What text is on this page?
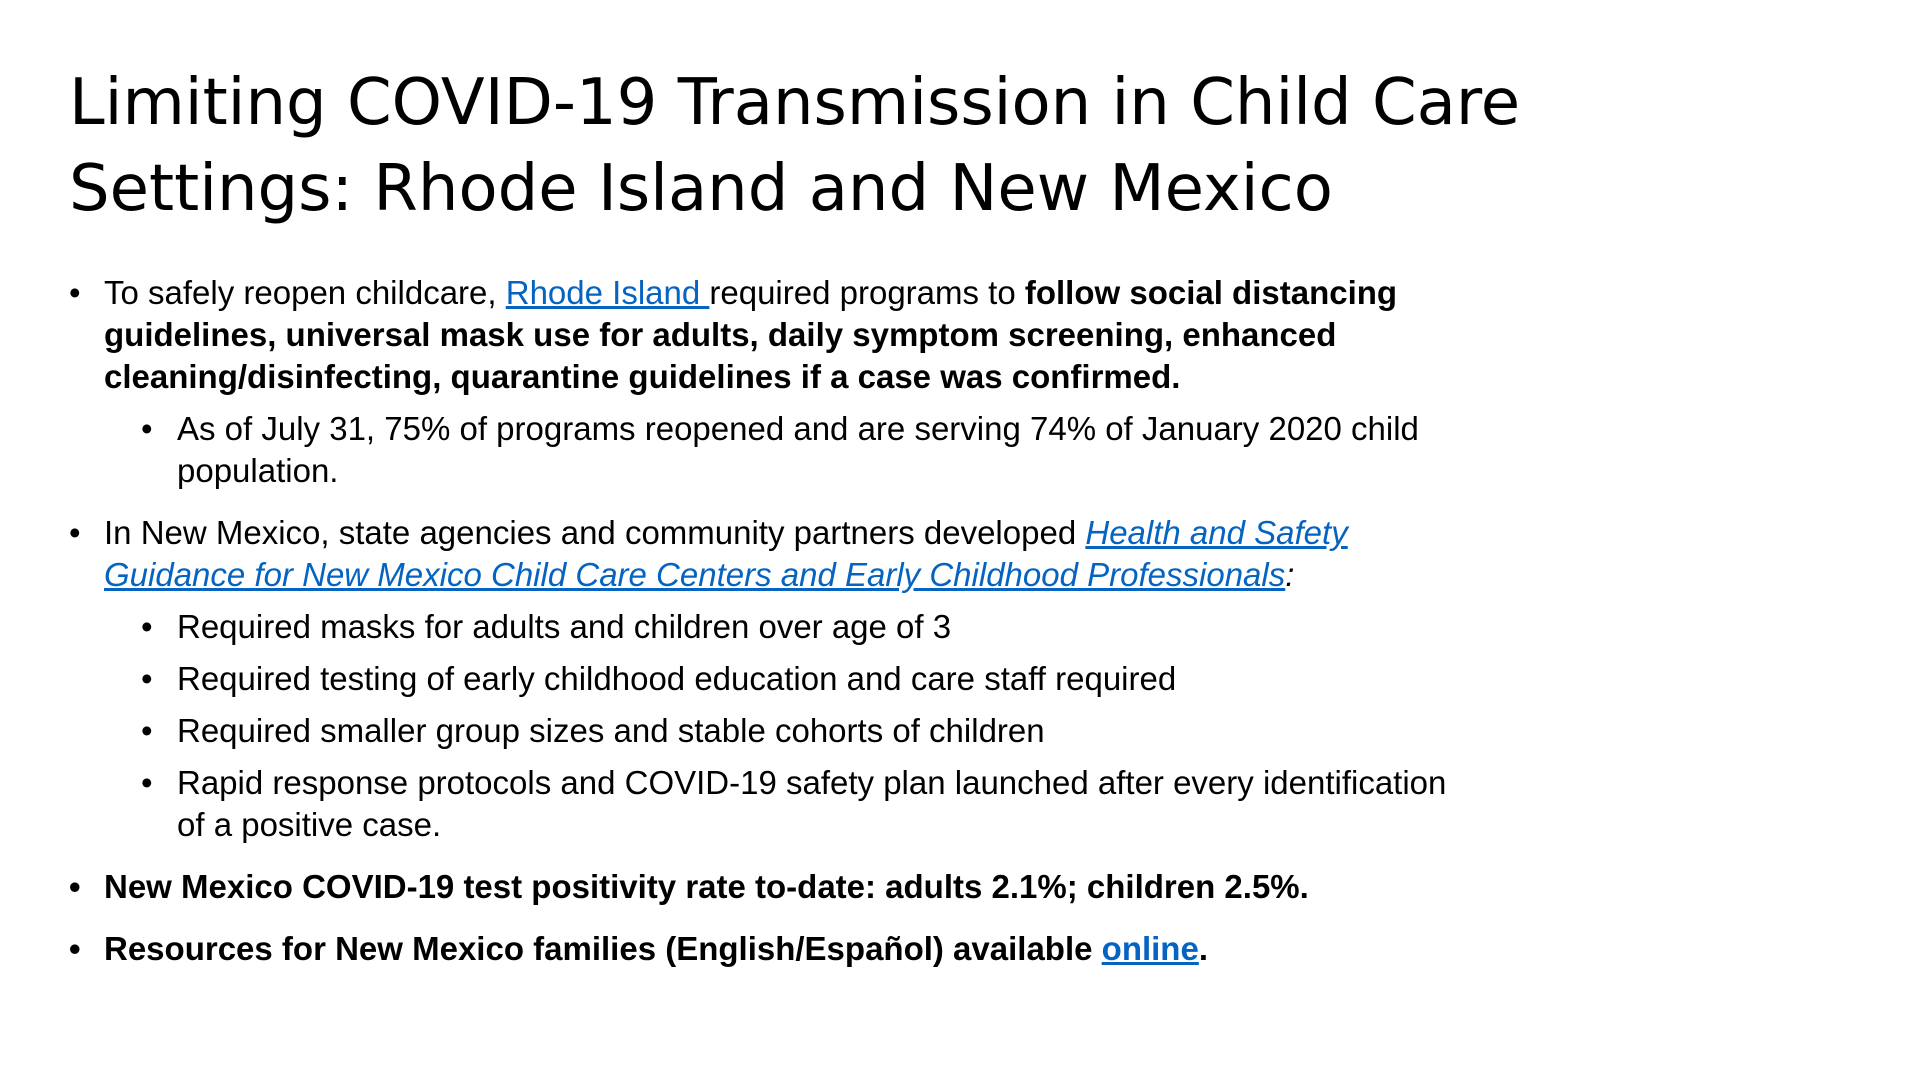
Limiting COVID-19 Transmission in Child Care
Settings: Rhode Island and New Mexico
• To safely reopen childcare, Rhode Island required programs to follow social distancing guidelines, universal mask use for adults, daily symptom screening, enhanced cleaning/disinfecting, quarantine guidelines if a case was confirmed.
• As of July 31, 75% of programs reopened and are serving 74% of January 2020 child population.
• In New Mexico, state agencies and community partners developed Health and Safety Guidance for New Mexico Child Care Centers and Early Childhood Professionals:
• Required masks for adults and children over age of 3
• Required testing of early childhood education and care staff required
• Required smaller group sizes and stable cohorts of children
• Rapid response protocols and COVID-19 safety plan launched after every identification of a positive case.
• New Mexico COVID-19 test positivity rate to-date: adults 2.1%; children 2.5%.
• Resources for New Mexico families (English/Español) available online.
